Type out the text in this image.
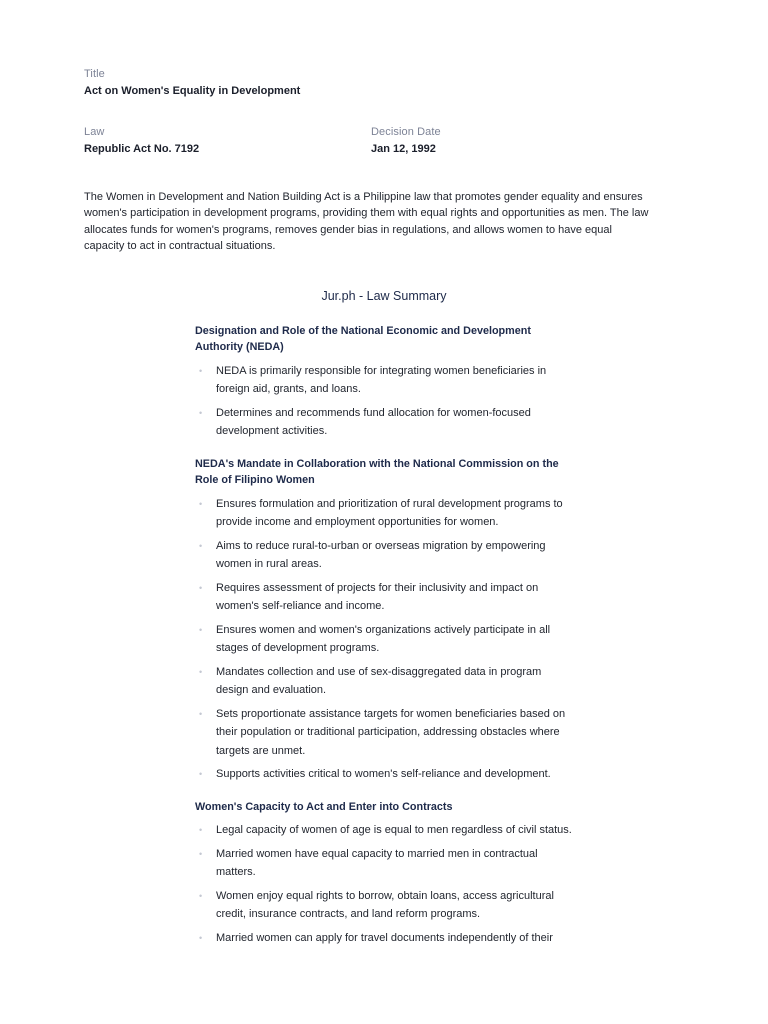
Title
Act on Women's Equality in Development
Law
Republic Act No. 7192
Decision Date
Jan 12, 1992

The Women in Development and Nation Building Act is a Philippine law that promotes gender equality and ensures women's participation in development programs, providing them with equal rights and opportunities as men. The law allocates funds for women's programs, removes gender bias in regulations, and allows women to have equal capacity to act in contractual situations.

Jur.ph - Law Summary
Designation and Role of the National Economic and Development Authority (NEDA)
• NEDA is primarily responsible for integrating women beneficiaries in foreign aid, grants, and loans.
• Determines and recommends fund allocation for women-focused development activities.
NEDA's Mandate in Collaboration with the National Commission on the Role of Filipino Women
• Ensures formulation and prioritization of rural development programs to provide income and employment opportunities for women.
• Aims to reduce rural-to-urban or overseas migration by empowering women in rural areas.
• Requires assessment of projects for their inclusivity and impact on women's self-reliance and income.
• Ensures women and women's organizations actively participate in all stages of development programs.
• Mandates collection and use of sex-disaggregated data in program design and evaluation.
• Sets proportionate assistance targets for women beneficiaries based on their population or traditional participation, addressing obstacles where targets are unmet.
• Supports activities critical to women's self-reliance and development.
Women's Capacity to Act and Enter into Contracts
• Legal capacity of women of age is equal to men regardless of civil status.
• Married women have equal capacity to married men in contractual matters.
• Women enjoy equal rights to borrow, obtain loans, access agricultural credit, insurance contracts, and land reform programs.
• Married women can apply for travel documents independently of their
